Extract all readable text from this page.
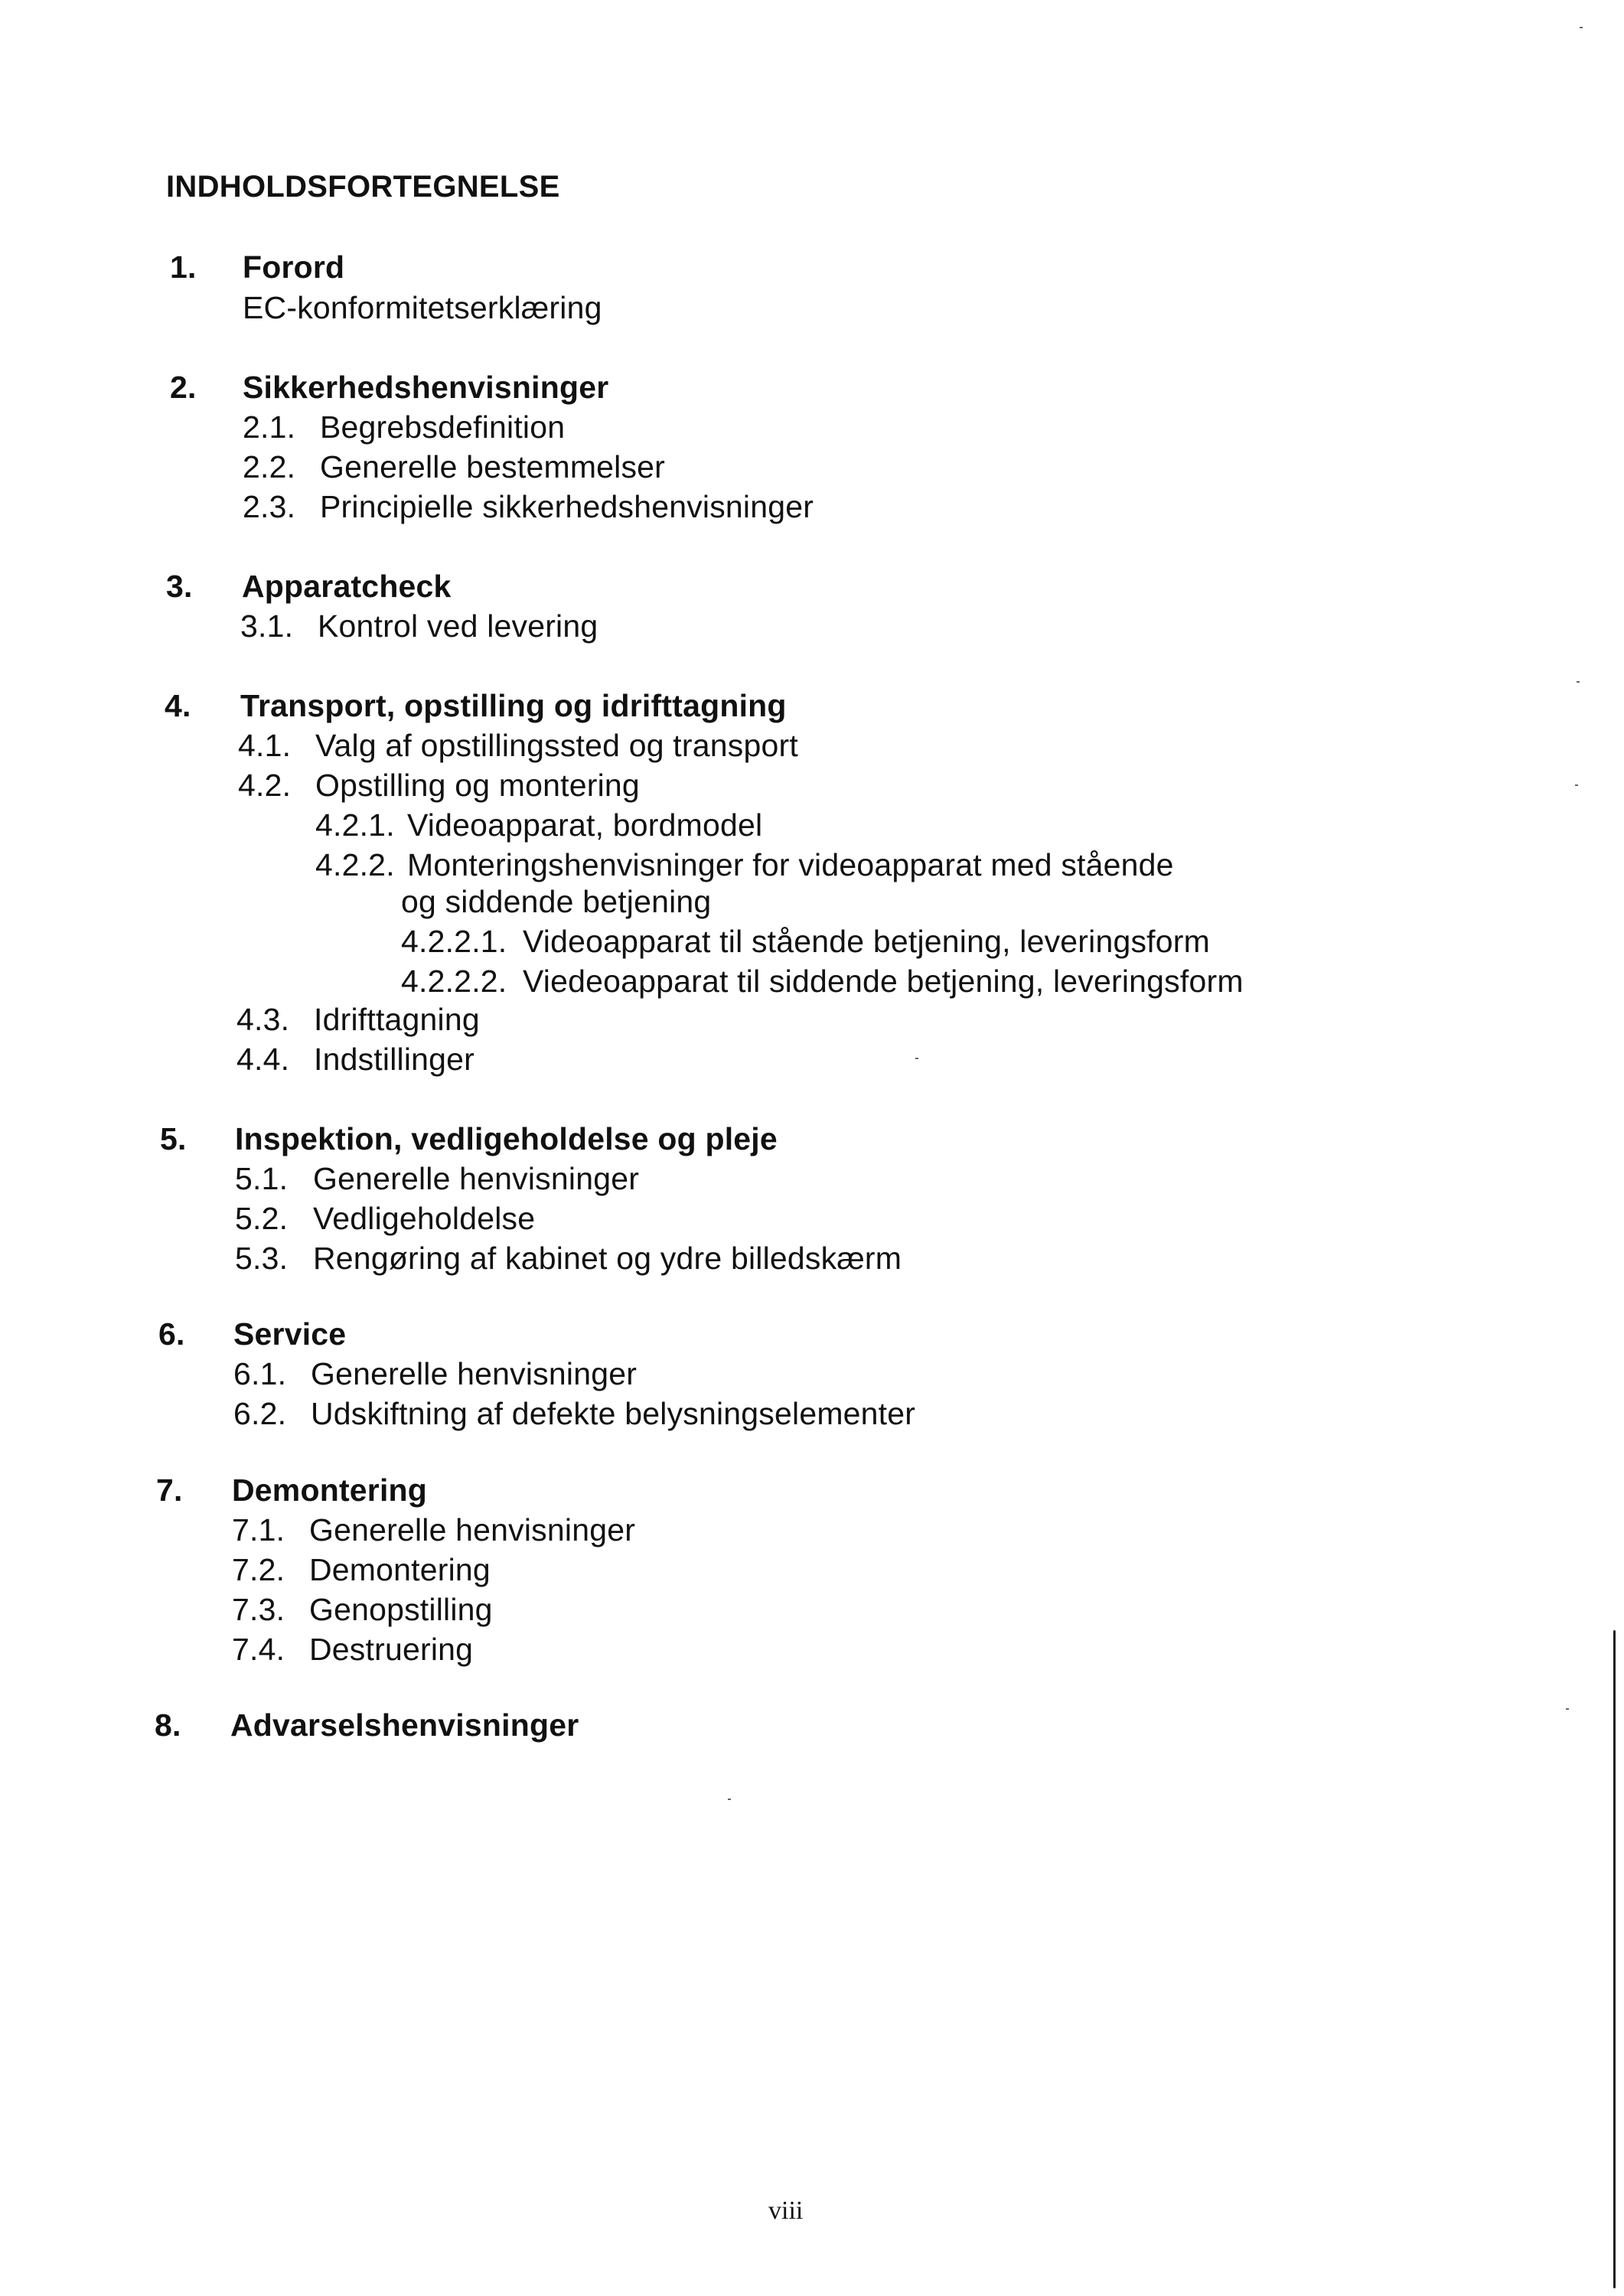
INDHOLDSFORTEGNELSE
1. Forord
EC-konformitetserklæring
2. Sikkerhedshenvisninger
2.1. Begrebsdefinition
2.2. Generelle bestemmelser
2.3. Principielle sikkerhedshenvisninger
3. Apparatcheck
3.1. Kontrol ved levering
4. Transport, opstilling og idrifttagning
4.1. Valg af opstillingssted og transport
4.2. Opstilling og montering
4.2.1. Videoapparat, bordmodel
4.2.2. Monteringshenvisninger for videoapparat med stående
og siddende betjening
4.2.2.1. Videoapparat til stående betjening, leveringsform
4.2.2.2. Viedeoapparat til siddende betjening, leveringsform
4.3. Idrifttagning
4.4. Indstillinger
5. Inspektion, vedligeholdelse og pleje
5.1. Generelle henvisninger
5.2. Vedligeholdelse
5.3. Rengøring af kabinet og ydre billedskærm
6. Service
6.1. Generelle henvisninger
6.2. Udskiftning af defekte belysningselementer
7. Demontering
7.1. Generelle henvisninger
7.2. Demontering
7.3. Genopstilling
7.4. Destruering
8. Advarselshenvisninger
viii
